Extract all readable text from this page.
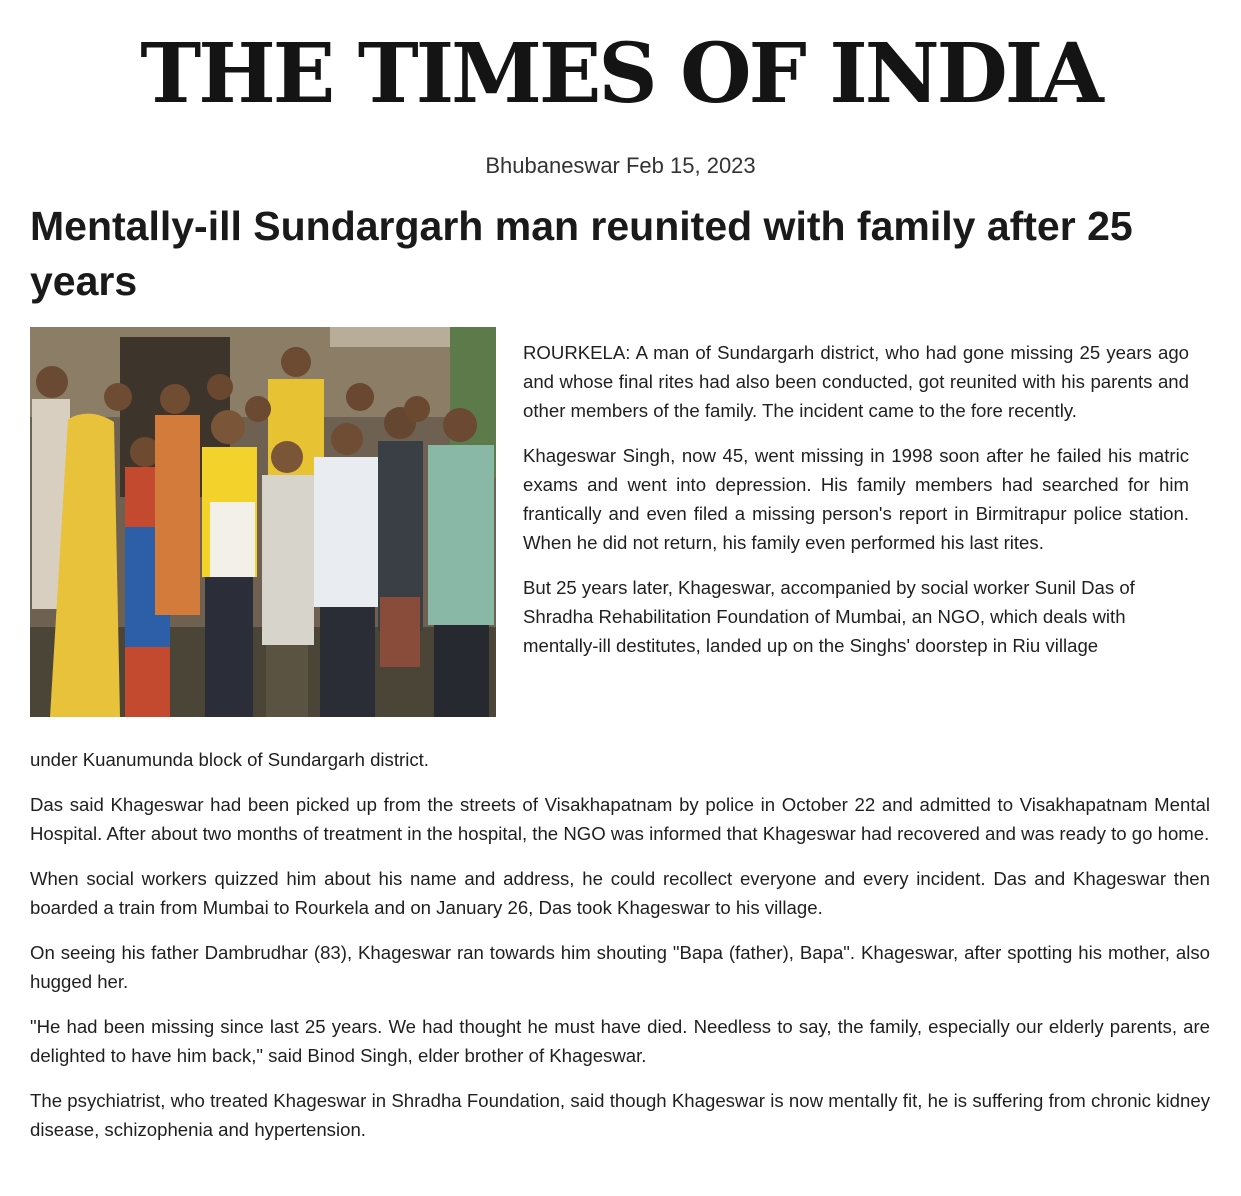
THE TIMES OF INDIA
Bhubaneswar Feb 15, 2023
Mentally-ill Sundargarh man reunited with family after 25 years

ROURKELA: A man of Sundargarh district, who had gone missing 25 years ago and whose final rites had also been conducted, got reunited with his parents and other members of the family. The incident came to the fore recently.

Khageswar Singh, now 45, went missing in 1998 soon after he failed his matric exams and went into depression. His family members had searched for him frantically and even filed a missing person's report in Birmitrapur police station. When he did not return, his family even performed his last rites.

But 25 years later, Khageswar, accompanied by social worker Sunil Das of Shradha Rehabilitation Foundation of Mumbai, an NGO, which deals with mentally-ill destitutes, landed up on the Singhs' doorstep in Riu village

under Kuanumunda block of Sundargarh district.

Das said Khageswar had been picked up from the streets of Visakhapatnam by police in October 22 and admitted to Visakhapatnam Mental Hospital. After about two months of treatment in the hospital, the NGO was informed that Khageswar had recovered and was ready to go home.

When social workers quizzed him about his name and address, he could recollect everyone and every incident. Das and Khageswar then boarded a train from Mumbai to Rourkela and on January 26, Das took Khageswar to his village.

On seeing his father Dambrudhar (83), Khageswar ran towards him shouting "Bapa (father), Bapa". Khageswar, after spotting his mother, also hugged her.

"He had been missing since last 25 years. We had thought he must have died. Needless to say, the family, especially our elderly parents, are delighted to have him back," said Binod Singh, elder brother of Khageswar.

The psychiatrist, who treated Khageswar in Shradha Foundation, said though Khageswar is now mentally fit, he is suffering from chronic kidney disease, schizophenia and hypertension.
